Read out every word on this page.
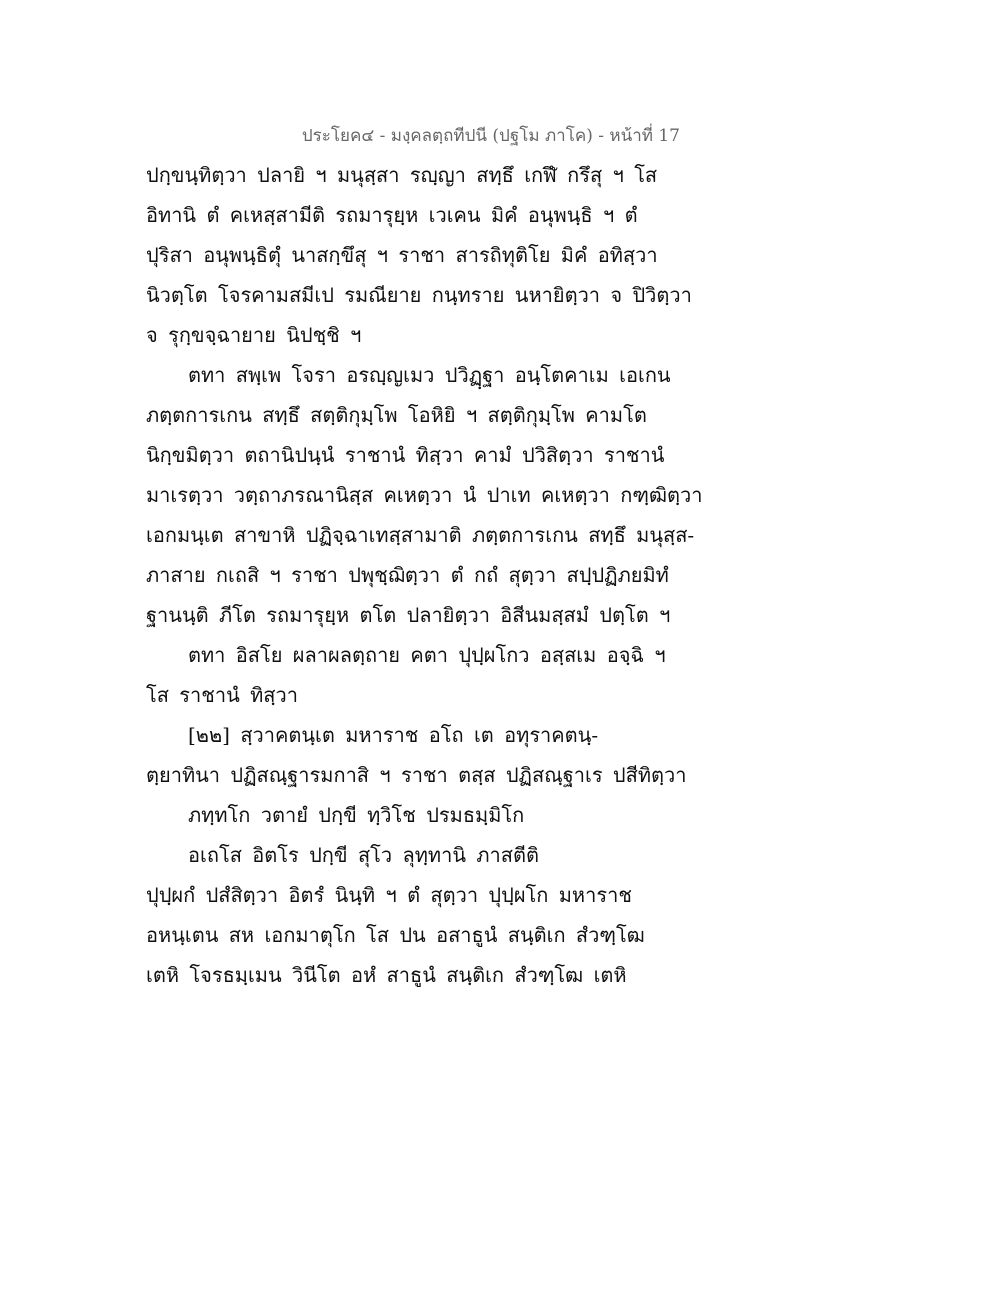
ประโยค๔ - มงฺคลตฺถทีปนี (ปฐโม ภาโค) - หน้าที่ 17
ปกฺขนฺทิตฺวา ปลายิ ฯ มนุสฺสา รญฺญา สทฺธึ เกฬึ กรึสุ ฯ โส
อิทานิ ตํ คเหสฺสามีติ รถมารุยฺห เวเคน มิคํ อนุพนฺธิ ฯ ตํ
ปุริสา อนุพนฺธิตุํ นาสกฺขึสุ ฯ ราชา สารถิทุติโย มิคํ อทิสฺวา
นิวตฺโต โจรคามสมีเป รมณียาย กนฺทราย นหายิตฺวา จ ปิวิตฺวา
จ รุกฺขจฺฉายาย นิปชฺชิ ฯ
ตทา สพฺเพ โจรา อรญฺญเมว ปวิฏฺฐา อนฺโตคาเม เอเกน
ภตฺตการเกน สทฺธึ สตฺติกุมฺโพ โอหิยิ ฯ สตฺติกุมฺโพ คามโต
นิกฺขมิตฺวา ตถานิปนฺนํ ราชานํ ทิสฺวา คามํ ปวิสิตฺวา ราชานํ
มาเรตฺวา วตฺถาภรณานิสฺส คเหตฺวา นํ ปาเท คเหตฺวา กฑฺฒิตฺวา
เอกมนฺเต สาขาหิ ปฏิจฺฉาเทสฺสามาติ ภตฺตการเกน สทฺธึ มนุสฺส-
ภาสาย กเถสิ ฯ ราชา ปพุชฺฌิตฺวา ตํ กถํ สุตฺวา สปฺปฏิภยมิทํ
ฐานนฺติ ภีโต รถมารุยฺห ตโต ปลายิตฺวา อิสีนมสฺสมํ ปตฺโต ฯ
ตทา อิสโย ผลาผลตฺถาย คตา ปุปฺผโกว อสฺสเม อจฺฉิ ฯ
โส ราชานํ ทิสฺวา
[๒๒] สฺวาคตนฺเต มหาราช อโถ เต อทุราคตนฺ-
ตฺยาทินา ปฏิสณฺฐารมกาสิ ฯ ราชา ตสฺส ปฏิสณฺฐาเร ปสีทิตฺวา
ภทฺทโก วตายํ ปกฺขี ทฺวิโช ปรมธมฺมิโก
อเถโส อิตโร ปกฺขี สุโว ลุทฺทานิ ภาสตีติ
ปุปฺผกํ ปสํสิตฺวา อิตรํ นินฺทิ ฯ ตํ สุตฺวา ปุปฺผโก มหาราช
อหนฺเตน สห เอกมาตุโก โส ปน อสาธูนํ สนฺติเก สํวฑฺโฒ
เตหิ โจรธมฺเมน วินีโต อหํ สาธูนํ สนฺติเก สํวฑฺโฒ เตหิ
